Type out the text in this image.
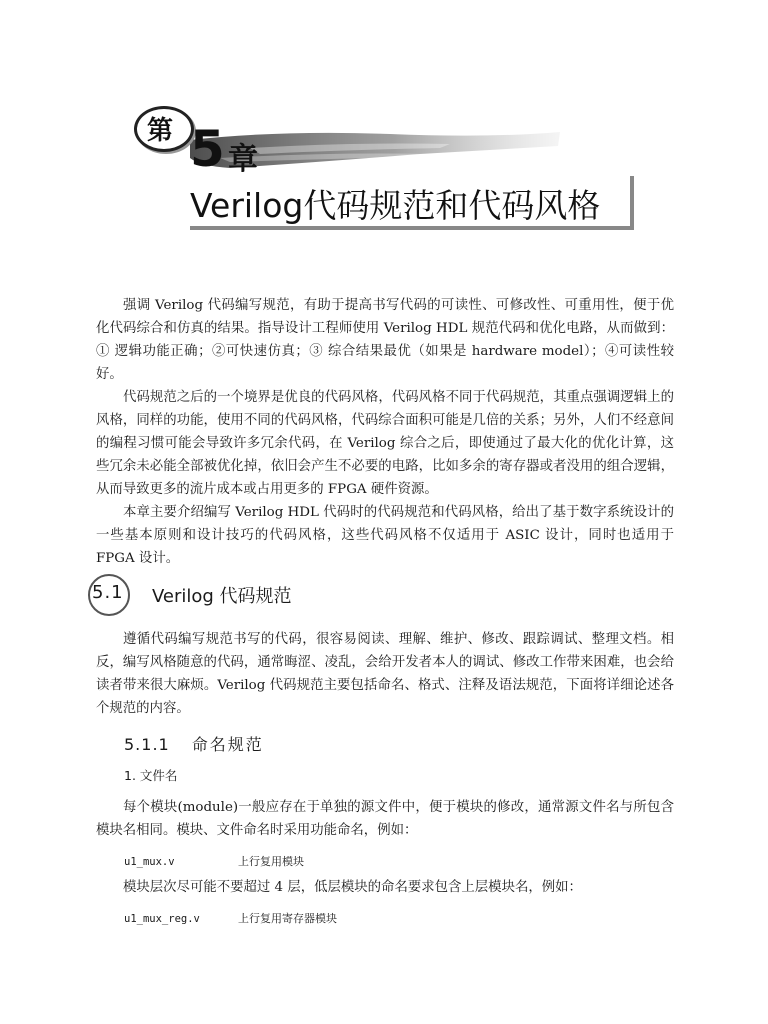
第 5 章
Verilog代码规范和代码风格

强调 Verilog 代码编写规范，有助于提高书写代码的可读性、可修改性、可重用性，便于优化代码综合和仿真的结果。指导设计工程师使用 Verilog HDL 规范代码和优化电路，从而做到：① 逻辑功能正确；②可快速仿真；③ 综合结果最优（如果是 hardware model）；④可读性较好。

代码规范之后的一个境界是优良的代码风格，代码风格不同于代码规范，其重点强调逻辑上的风格，同样的功能，使用不同的代码风格，代码综合面积可能是几倍的关系；另外，人们不经意间的编程习惯可能会导致许多冗余代码，在 Verilog 综合之后，即使通过了最大化的优化计算，这些冗余未必能全部被优化掉，依旧会产生不必要的电路，比如多余的寄存器或者没用的组合逻辑，从而导致更多的流片成本或占用更多的 FPGA 硬件资源。

本章主要介绍编写 Verilog HDL 代码时的代码规范和代码风格，给出了基于数字系统设计的一些基本原则和设计技巧的代码风格，这些代码风格不仅适用于 ASIC 设计，同时也适用于 FPGA 设计。

5.1 Verilog 代码规范

遵循代码编写规范书写的代码，很容易阅读、理解、维护、修改、跟踪调试、整理文档。相反，编写风格随意的代码，通常晦涩、凌乱，会给开发者本人的调试、修改工作带来困难，也会给读者带来很大麻烦。Verilog 代码规范主要包括命名、格式、注释及语法规范，下面将详细论述各个规范的内容。

5.1.1 命名规范
1. 文件名

每个模块(module)一般应存在于单独的源文件中，便于模块的修改，通常源文件名与所包含模块名相同。模块、文件命名时采用功能命名，例如：

u1_mux.v	上行复用模块

模块层次尽可能不要超过 4 层，低层模块的命名要求包含上层模块名，例如：

u1_mux_reg.v	上行复用寄存器模块
